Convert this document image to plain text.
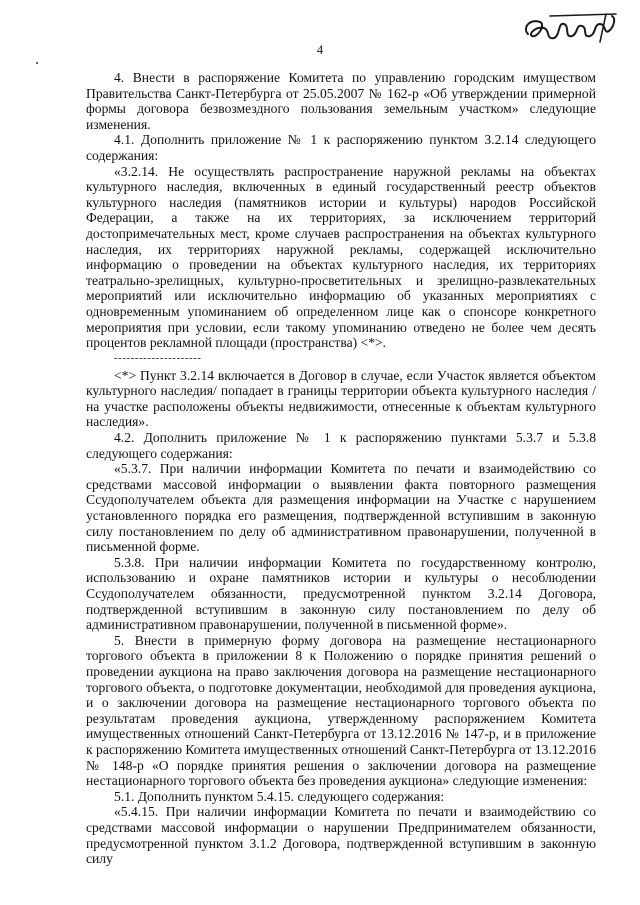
4

4. Внести в распоряжение Комитета по управлению городским имуществом Правительства Санкт-Петербурга от 25.05.2007 № 162-р «Об утверждении примерной формы договора безвозмездного пользования земельным участком» следующие изменения.

4.1. Дополнить приложение № 1 к распоряжению пунктом 3.2.14 следующего содержания:

«3.2.14. Не осуществлять распространение наружной рекламы на объектах культурного наследия, включенных в единый государственный реестр объектов культурного наследия (памятников истории и культуры) народов Российской Федерации, а также на их территориях, за исключением территорий достопримечательных мест, кроме случаев распространения на объектах культурного наследия, их территориях наружной рекламы, содержащей исключительно информацию о проведении на объектах культурного наследия, их территориях театрально-зрелищных, культурно-просветительных и зрелищно-развлекательных мероприятий или исключительно информацию об указанных мероприятиях с одновременным упоминанием об определенном лице как о спонсоре конкретного мероприятия при условии, если такому упоминанию отведено не более чем десять процентов рекламной площади (пространства) <*>.

---------------------

<*> Пункт 3.2.14 включается в Договор в случае, если Участок является объектом культурного наследия/ попадает в границы территории объекта культурного наследия / на участке расположены объекты недвижимости, отнесенные к объектам культурного наследия».

4.2. Дополнить приложение № 1 к распоряжению пунктами 5.3.7 и 5.3.8 следующего содержания:

«5.3.7. При наличии информации Комитета по печати и взаимодействию со средствами массовой информации о выявлении факта повторного размещения Ссудополучателем объекта для размещения информации на Участке с нарушением установленного порядка его размещения, подтвержденной вступившим в законную силу постановлением по делу об административном правонарушении, полученной в письменной форме.

5.3.8. При наличии информации Комитета по государственному контролю, использованию и охране памятников истории и культуры о несоблюдении Ссудополучателем обязанности, предусмотренной пунктом 3.2.14 Договора, подтвержденной вступившим в законную силу постановлением по делу об административном правонарушении, полученной в письменной форме».

5. Внести в примерную форму договора на размещение нестационарного торгового объекта в приложении 8 к Положению о порядке принятия решений о проведении аукциона на право заключения договора на размещение нестационарного торгового объекта, о подготовке документации, необходимой для проведения аукциона, и о заключении договора на размещение нестационарного торгового объекта по результатам проведения аукциона, утвержденному распоряжением Комитета имущественных отношений Санкт-Петербурга от 13.12.2016 № 147-р, и в приложение к распоряжению Комитета имущественных отношений Санкт-Петербурга от 13.12.2016 № 148-р «О порядке принятия решения о заключении договора на размещение нестационарного торгового объекта без проведения аукциона» следующие изменения:

5.1. Дополнить пунктом 5.4.15. следующего содержания:

«5.4.15. При наличии информации Комитета по печати и взаимодействию со средствами массовой информации о нарушении Предпринимателем обязанности, предусмотренной пунктом 3.1.2 Договора, подтвержденной вступившим в законную силу
